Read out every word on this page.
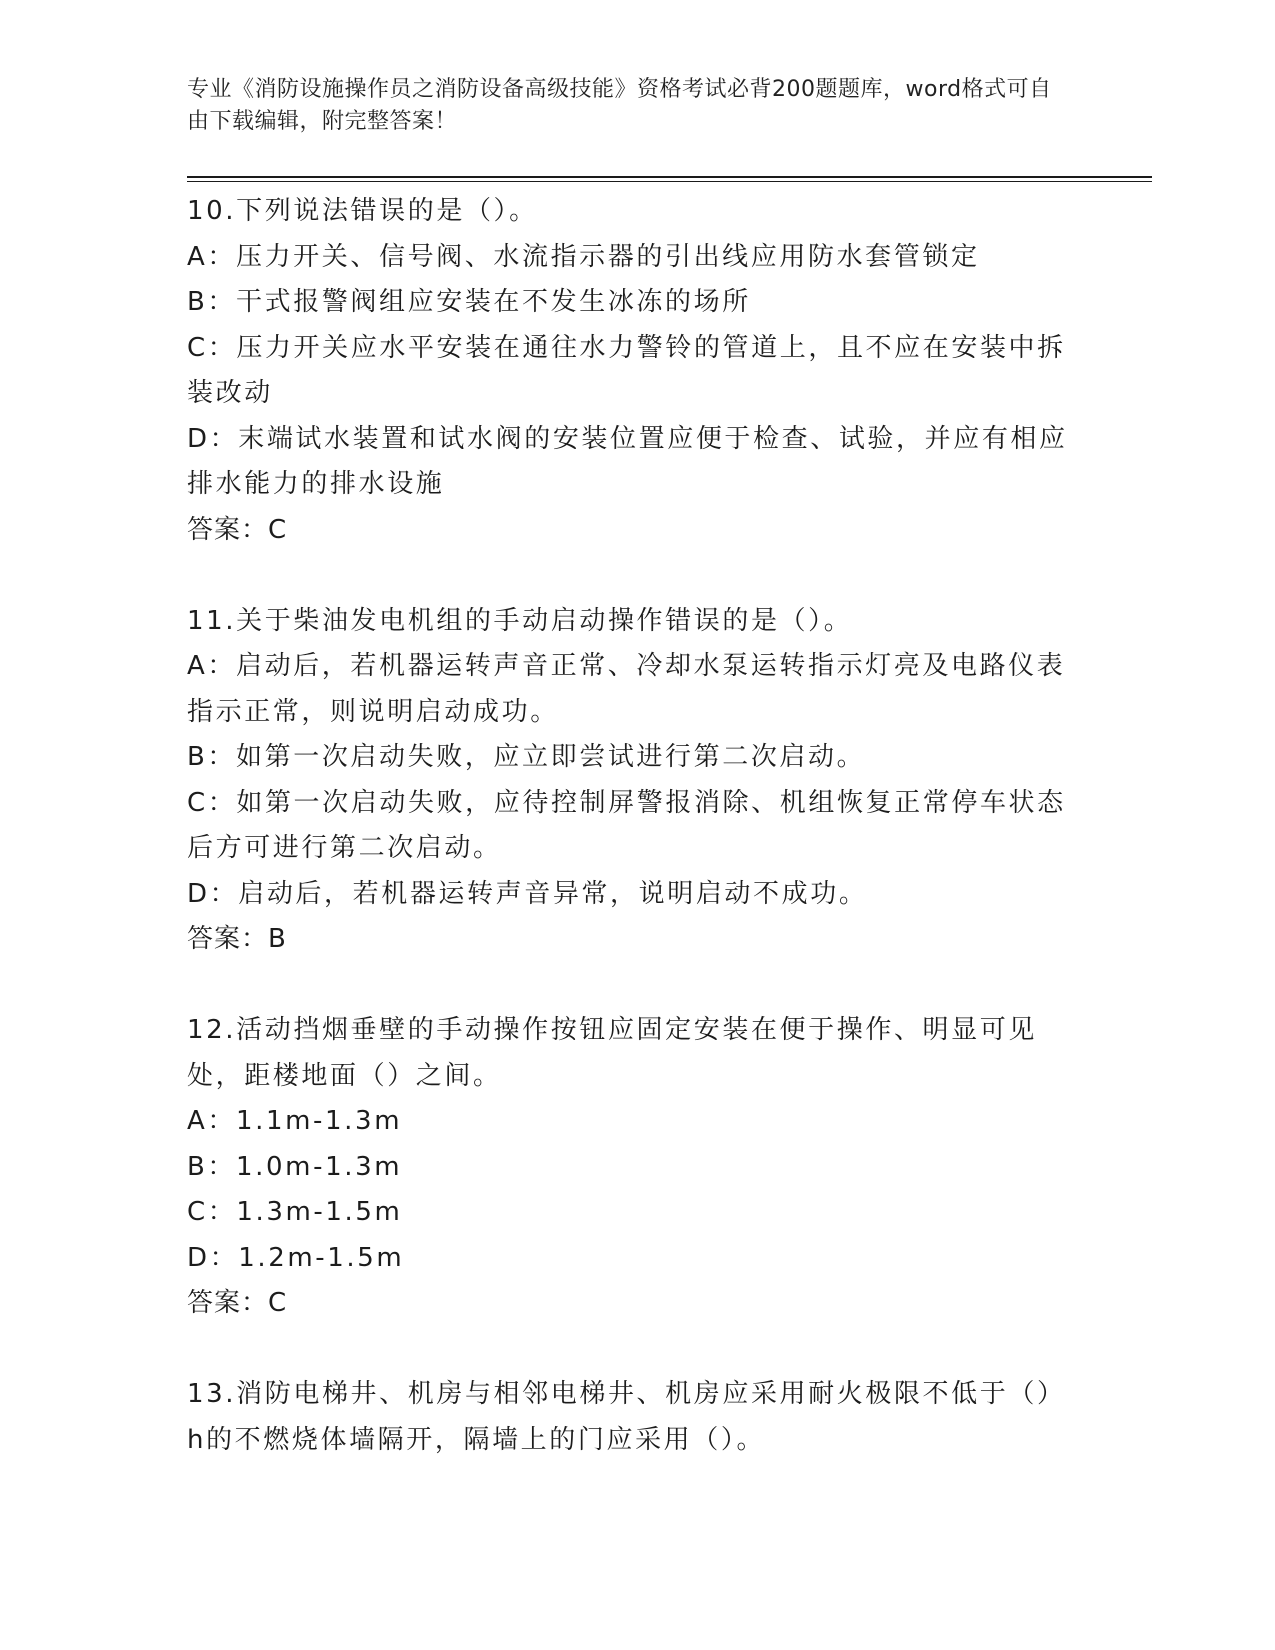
专业《消防设施操作员之消防设备高级技能》资格考试必背200题题库，word格式可自由下载编辑，附完整答案！
10.下列说法错误的是（）。
A：压力开关、信号阀、水流指示器的引出线应用防水套管锁定
B：干式报警阀组应安装在不发生冰冻的场所
C：压力开关应水平安装在通往水力警铃的管道上，且不应在安装中拆装改动
D：末端试水装置和试水阀的安装位置应便于检查、试验，并应有相应排水能力的排水设施
答案：C
11.关于柴油发电机组的手动启动操作错误的是（）。
A：启动后，若机器运转声音正常、冷却水泵运转指示灯亮及电路仪表指示正常，则说明启动成功。
B：如第一次启动失败，应立即尝试进行第二次启动。
C：如第一次启动失败，应待控制屏警报消除、机组恢复正常停车状态后方可进行第二次启动。
D：启动后，若机器运转声音异常，说明启动不成功。
答案：B
12.活动挡烟垂壁的手动操作按钮应固定安装在便于操作、明显可见处，距楼地面（）之间。
A：1.1m-1.3m
B：1.0m-1.3m
C：1.3m-1.5m
D：1.2m-1.5m
答案：C
13.消防电梯井、机房与相邻电梯井、机房应采用耐火极限不低于（）h的不燃烧体墙隔开，隔墙上的门应采用（）。
